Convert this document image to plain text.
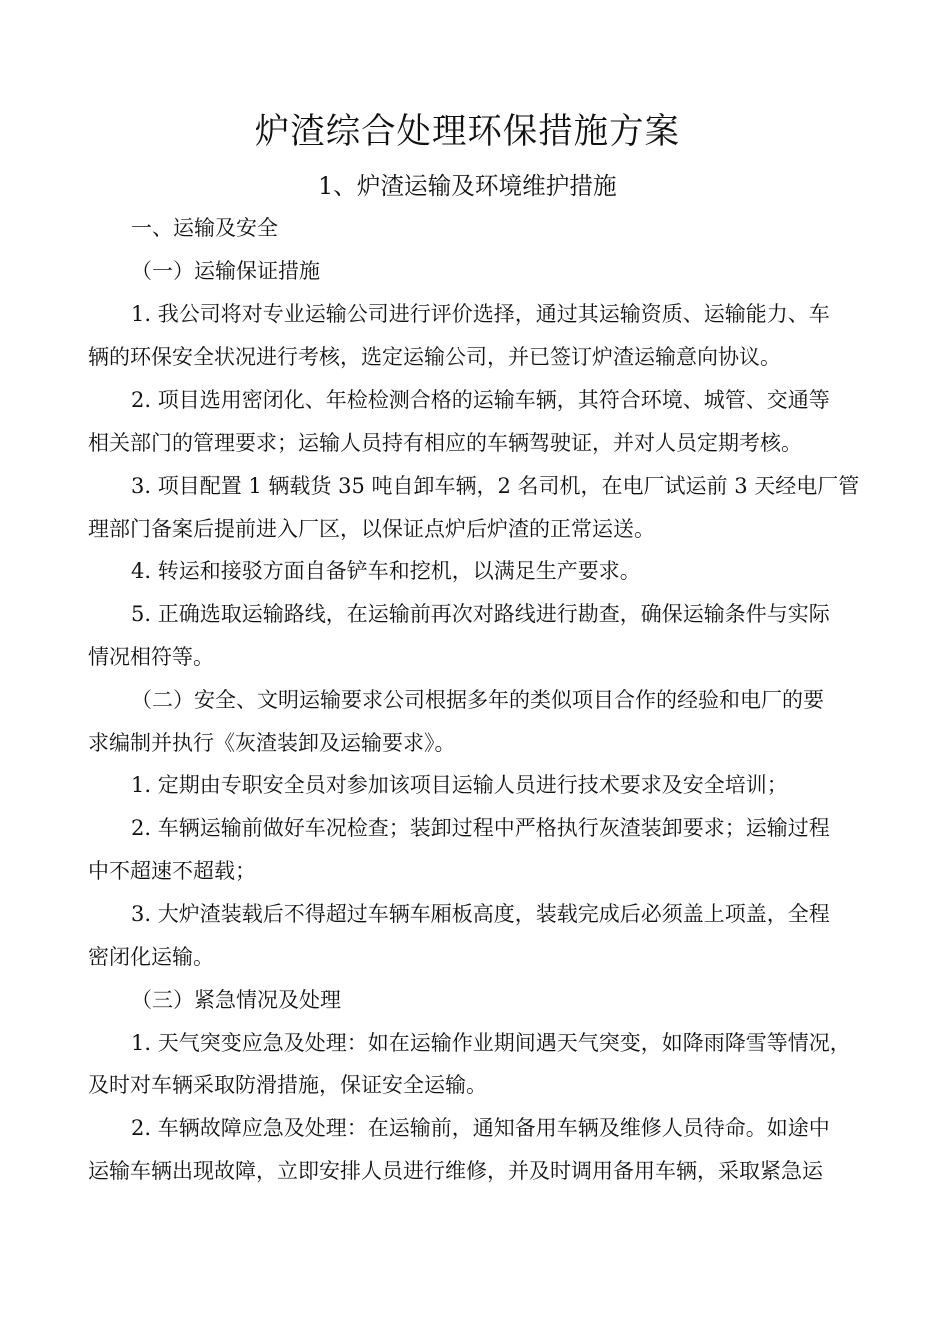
炉渣综合处理环保措施方案
1、炉渣运输及环境维护措施
一、运输及安全
（一）运输保证措施
1. 我公司将对专业运输公司进行评价选择，通过其运输资质、运输能力、车
辆的环保安全状况进行考核，选定运输公司，并已签订炉渣运输意向协议。
2. 项目选用密闭化、年检检测合格的运输车辆，其符合环境、城管、交通等
相关部门的管理要求；运输人员持有相应的车辆驾驶证，并对人员定期考核。
3. 项目配置 1 辆载货 35 吨自卸车辆，2 名司机，在电厂试运前 3 天经电厂管
理部门备案后提前进入厂区，以保证点炉后炉渣的正常运送。
4. 转运和接驳方面自备铲车和挖机，以满足生产要求。
5. 正确选取运输路线，在运输前再次对路线进行勘查，确保运输条件与实际
情况相符等。
（二）安全、文明运输要求公司根据多年的类似项目合作的经验和电厂的要
求编制并执行《灰渣装卸及运输要求》。
1. 定期由专职安全员对参加该项目运输人员进行技术要求及安全培训；
2. 车辆运输前做好车况检查；装卸过程中严格执行灰渣装卸要求；运输过程
中不超速不超载；
3. 大炉渣装载后不得超过车辆车厢板高度，装载完成后必须盖上项盖，全程
密闭化运输。
（三）紧急情况及处理
1. 天气突变应急及处理：如在运输作业期间遇天气突变，如降雨降雪等情况，
及时对车辆采取防滑措施，保证安全运输。
2. 车辆故障应急及处理：在运输前，通知备用车辆及维修人员待命。如途中
运输车辆出现故障，立即安排人员进行维修，并及时调用备用车辆，采取紧急运
